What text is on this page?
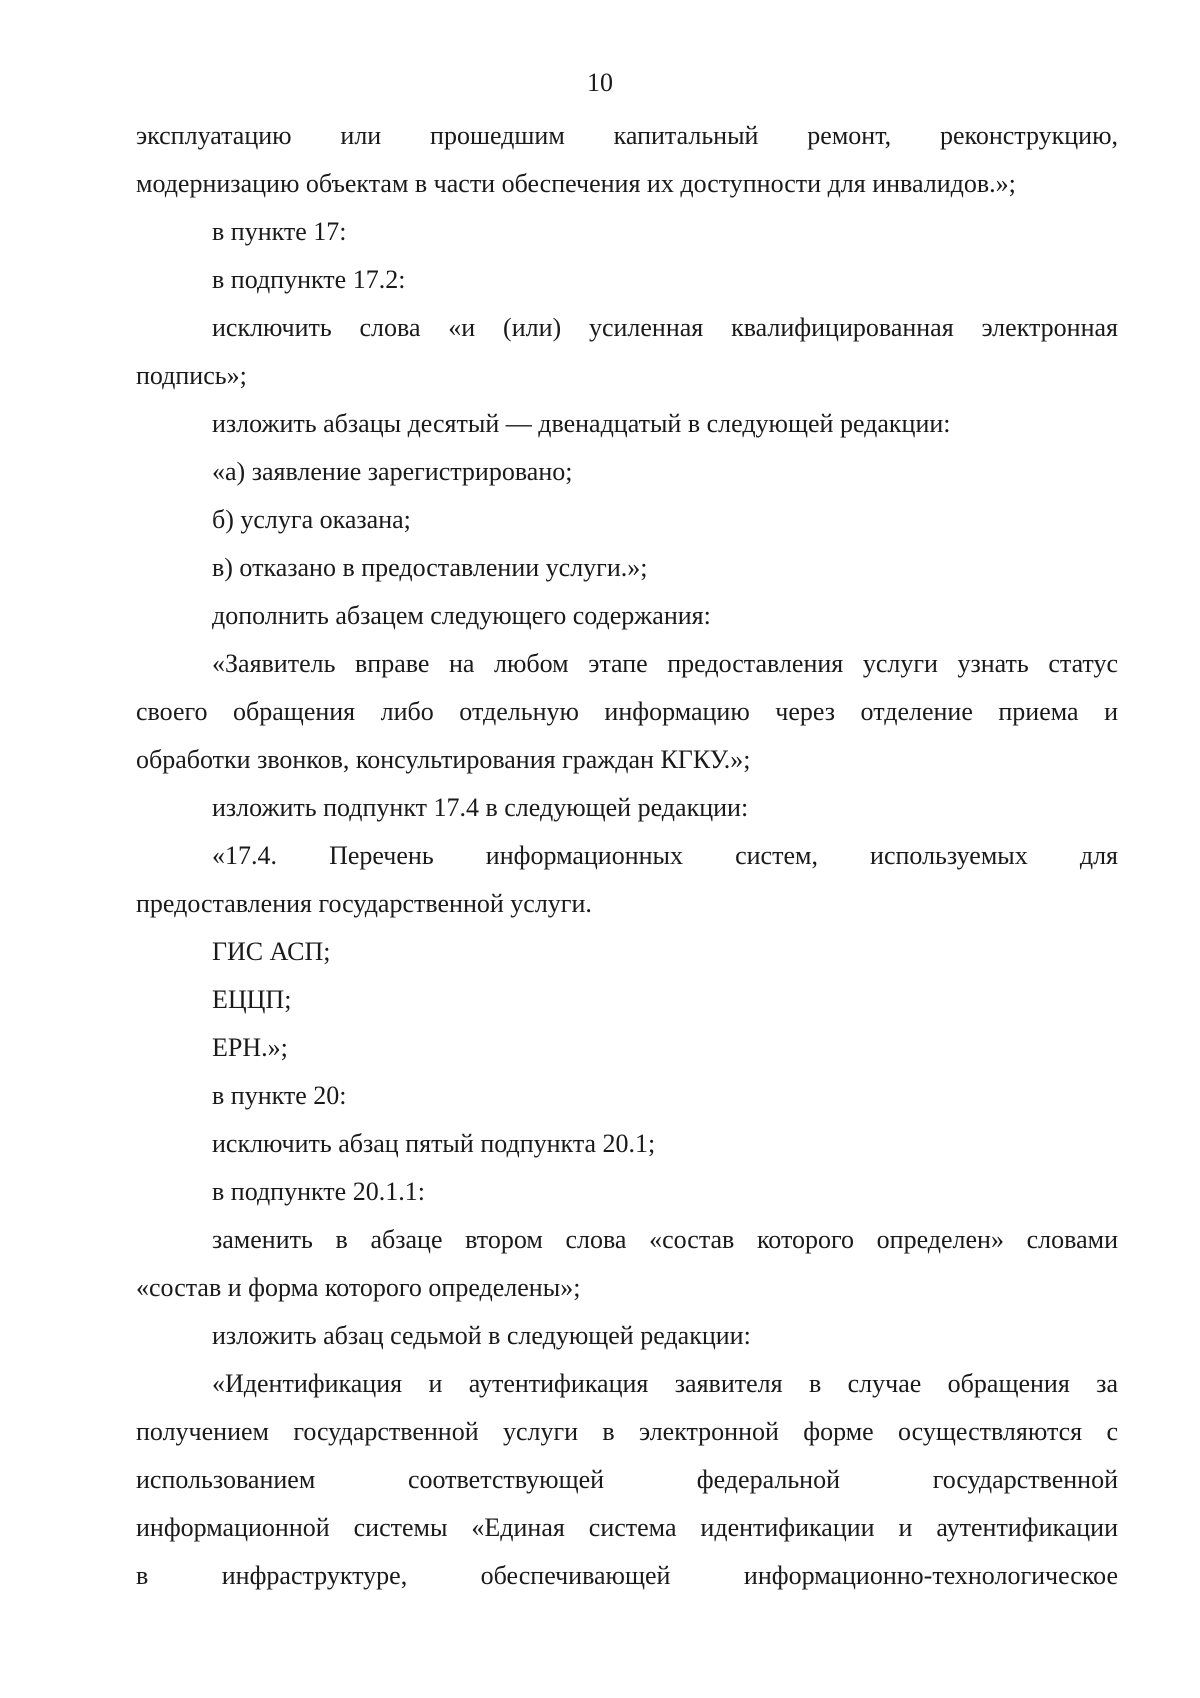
10

эксплуатацию или прошедшим капитальный ремонт, реконструкцию,

модернизацию объектам в части обеспечения их доступности для инвалидов.»;

в пункте 17:

в подпункте 17.2:

исключить слова «и (или) усиленная квалифицированная электронная

подпись»;

изложить абзацы десятый — двенадцатый в следующей редакции:

«а) заявление зарегистрировано;

б) услуга оказана;

в) отказано в предоставлении услуги.»;

дополнить абзацем следующего содержания:

«Заявитель вправе на любом этапе предоставления услуги узнать статус

своего обращения либо отдельную информацию через отделение приема и

обработки звонков, консультирования граждан КГКУ.»;

изложить подпункт 17.4 в следующей редакции:

«17.4. Перечень информационных систем, используемых для

предоставления государственной услуги.

ГИС АСП;

ЕЦЦП;

ЕРН.»;

в пункте 20:

исключить абзац пятый подпункта 20.1;

в подпункте 20.1.1:

заменить в абзаце втором слова «состав которого определен» словами

«состав и форма которого определены»;

изложить абзац седьмой в следующей редакции:

«Идентификация и аутентификация заявителя в случае обращения за

получением государственной услуги в электронной форме осуществляются с

использованием соответствующей федеральной государственной

информационной системы «Единая система идентификации и аутентификации

в инфраструктуре, обеспечивающей информационно-технологическое
